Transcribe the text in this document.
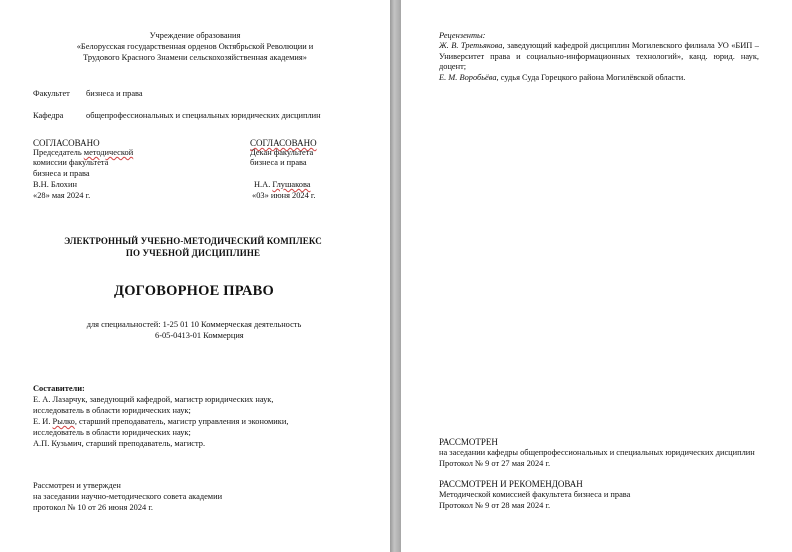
Учреждение образования
«Белорусская государственная орденов Октябрьской Революции и
Трудового Красного Знамени сельскохозяйственная академия»
Факультет бизнеса и права
Кафедра	общепрофессиональных и специальных юридических дисциплин
СОГЛАСОВАНО
Председатель методической
комиссии факультета
бизнеса и права
В.Н. Блохин
«28» мая 2024 г.
СОГЛАСОВАНО
Декан факультета
бизнеса и права
Н.А. Глушакова
«03» июня 2024 г.
ЭЛЕКТРОННЫЙ УЧЕБНО-МЕТОДИЧЕСКИЙ КОМПЛЕКС
ПО УЧЕБНОЙ ДИСЦИПЛИНЕ
ДОГОВОРНОЕ ПРАВО
для специальностей: 1-25 01 10 Коммерческая деятельность
6-05-0413-01 Коммерция
Составители:
Е. А. Лазарчук, заведующий кафедрой, магистр юридических наук,
исследователь в области юридических наук;
Е. И. Рылко, старший преподаватель, магистр управления и экономики,
исследователь в области юридических наук;
А.П. Кузьмич, старший преподаватель, магистр.
Рассмотрен и утвержден
на заседании научно-методического совета академии
протокол № 10 от 26 июня 2024 г.
Рецензенты:
Ж. В. Третьякова, заведующий кафедрой дисциплин Могилевского филиала УО «БИП – Университет права и социально-информационных технологий», канд. юрид. наук, доцент;
Е. М. Воробьёва, судья Суда Горецкого района Могилёвской области.
РАССМОТРЕН
на заседании кафедры общепрофессиональных и специальных юридических дисциплин
Протокол № 9 от 27 мая 2024 г.
РАССМОТРЕН И РЕКОМЕНДОВАН
Методической комиссией факультета бизнеса и права
Протокол № 9 от 28 мая 2024 г.
